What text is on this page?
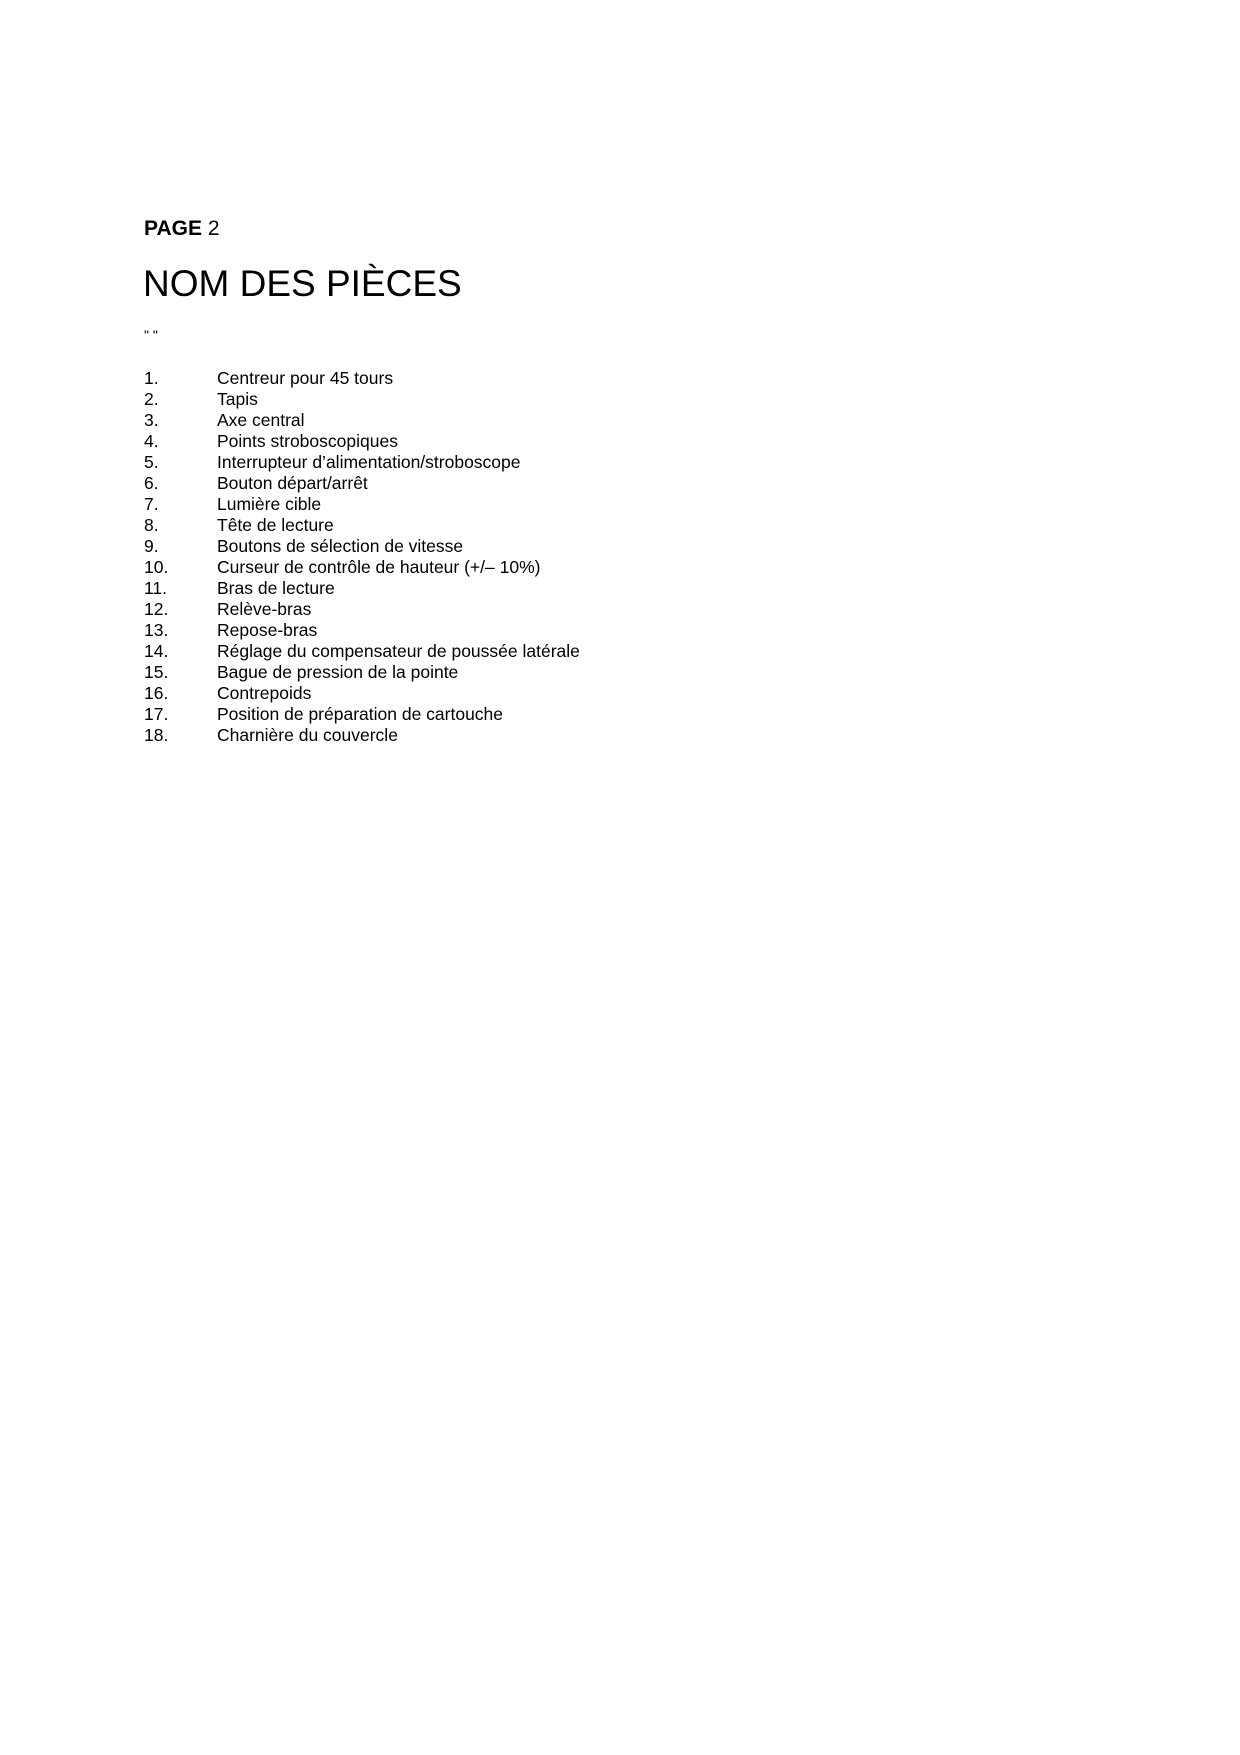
PAGE 2
NOM DES PIÈCES
" "
1.	Centreur pour 45 tours
2.	Tapis
3.	Axe central
4.	Points stroboscopiques
5.	Interrupteur d’alimentation/stroboscope
6.	Bouton départ/arrêt
7.	Lumière cible
8.	Tête de lecture
9.	Boutons de sélection de vitesse
10.	Curseur de contrôle de hauteur (+/– 10%)
11.	Bras de lecture
12.	Relève-bras
13.	Repose-bras
14.	Réglage du compensateur de poussée latérale
15.	Bague de pression de la pointe
16.	Contrepoids
17.	Position de préparation de cartouche
18.	Charnière du couvercle
